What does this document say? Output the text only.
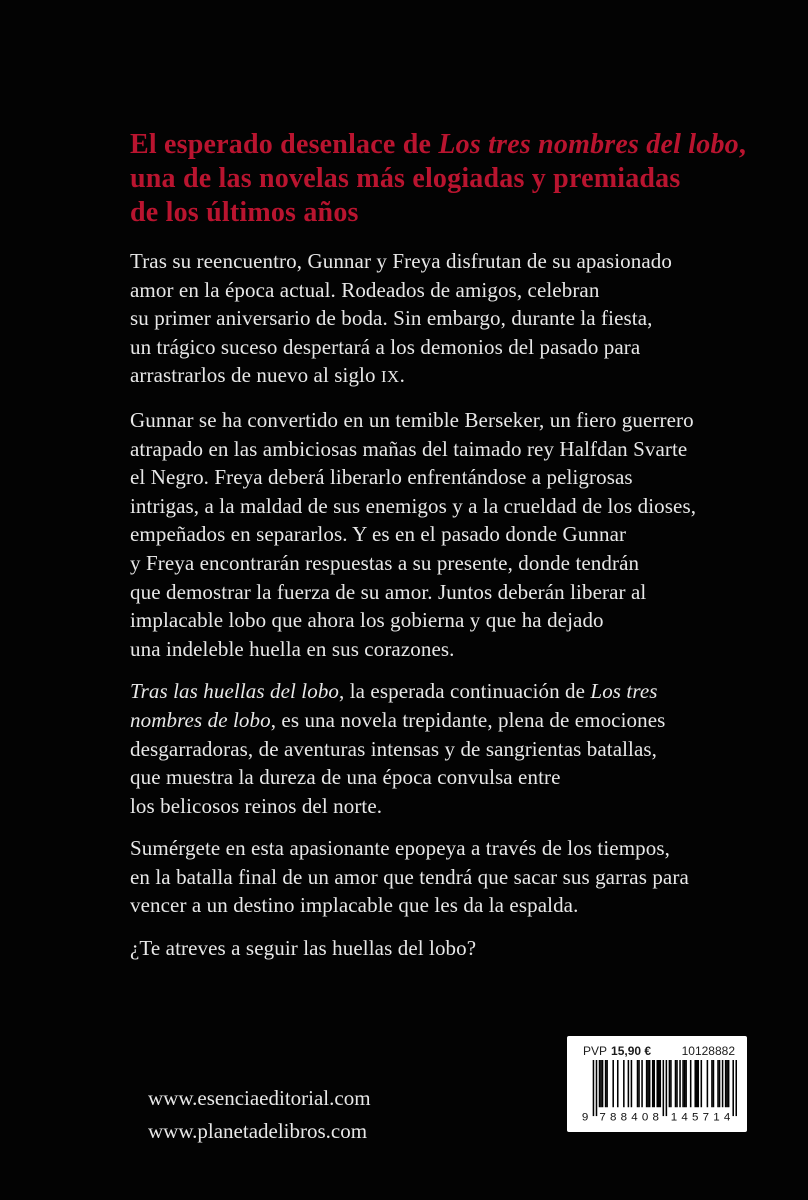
El esperado desenlace de Los tres nombres del lobo,
una de las novelas más elogiadas y premiadas
de los últimos años

Tras su reencuentro, Gunnar y Freya disfrutan de su apasionado
amor en la época actual. Rodeados de amigos, celebran
su primer aniversario de boda. Sin embargo, durante la fiesta,
un trágico suceso despertará a los demonios del pasado para
arrastrarlos de nuevo al siglo IX.

Gunnar se ha convertido en un temible Berseker, un fiero guerrero
atrapado en las ambiciosas mañas del taimado rey Halfdan Svarte
el Negro. Freya deberá liberarlo enfrentándose a peligrosas
intrigas, a la maldad de sus enemigos y a la crueldad de los dioses,
empeñados en separarlos. Y es en el pasado donde Gunnar
y Freya encontrarán respuestas a su presente, donde tendrán
que demostrar la fuerza de su amor. Juntos deberán liberar al
implacable lobo que ahora los gobierna y que ha dejado
una indeleble huella en sus corazones.

Tras las huellas del lobo, la esperada continuación de Los tres
nombres de lobo, es una novela trepidante, plena de emociones
desgarradoras, de aventuras intensas y de sangrientas batallas,
que muestra la dureza de una época convulsa entre
los belicosos reinos del norte.

Sumérgete en esta apasionante epopeya a través de los tiempos,
en la batalla final de un amor que tendrá que sacar sus garras para
vencer a un destino implacable que les da la espalda.

¿Te atreves a seguir las huellas del lobo?

www.esenciaeditorial.com
www.planetadelibros.com
PVP 15,90 €	10128882
9 7 8 8 4 0 8 1 4 5 7 1 4
